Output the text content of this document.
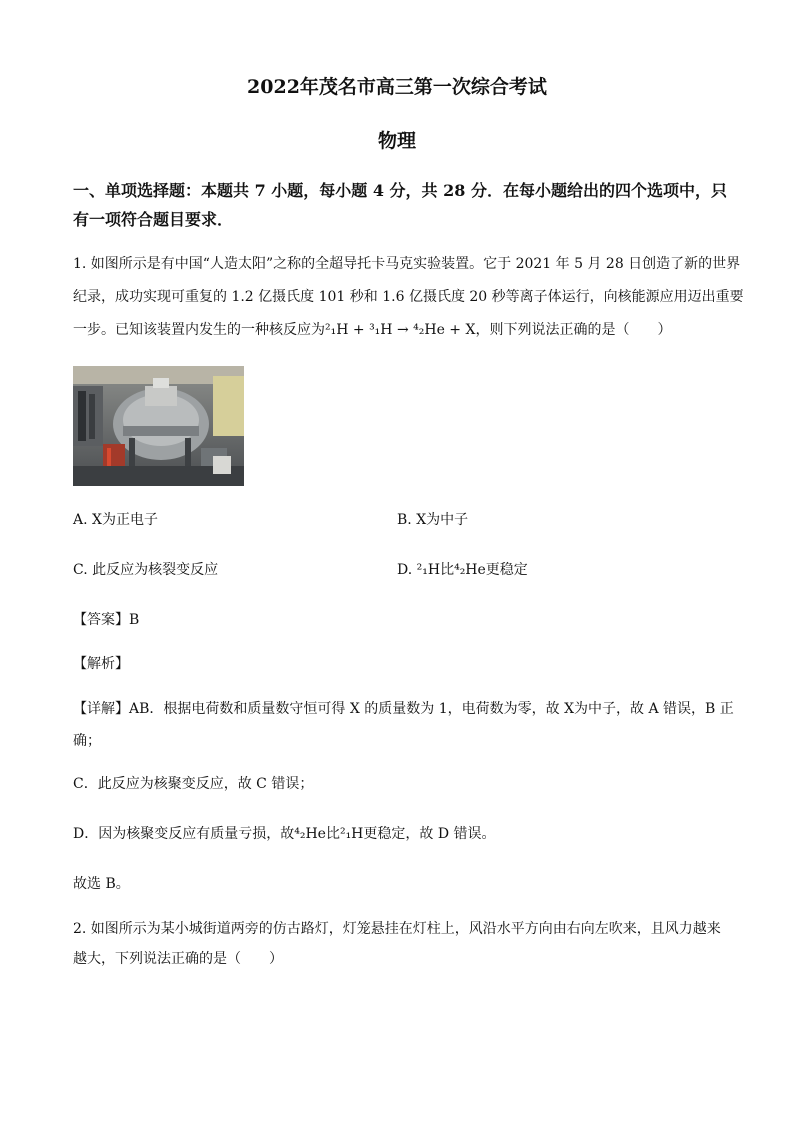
2022年茂名市高三第一次综合考试
物理
一、单项选择题：本题共 7 小题，每小题 4 分，共 28 分．在每小题给出的四个选项中，只
有一项符合题目要求．
1. 如图所示是有中国“人造太阳”之称的全超导托卡马克实验装置。它于 2021 年 5 月 28 日创造了新的世界
纪录，成功实现可重复的 1.2 亿摄氏度 101 秒和 1.6 亿摄氏度 20 秒等离子体运行，向核能源应用迈出重要
一步。已知该装置内发生的一种核反应为²₁H + ³₁H → ⁴₂He + X，则下列说法正确的是（　　）
A. X为正电子	B. X为中子
C. 此反应为核裂变反应	D. ²₁H比⁴₂He更稳定
【答案】B
【解析】
【详解】AB．根据电荷数和质量数守恒可得 X 的质量数为 1，电荷数为零，故 X为中子，故 A 错误，B 正
确；
C．此反应为核聚变反应，故 C 错误；
D．因为核聚变反应有质量亏损，故⁴₂He比²₁H更稳定，故 D 错误。
故选 B。
2. 如图所示为某小城街道两旁的仿古路灯，灯笼悬挂在灯柱上，风沿水平方向由右向左吹来，且风力越来
越大，下列说法正确的是（　　）
